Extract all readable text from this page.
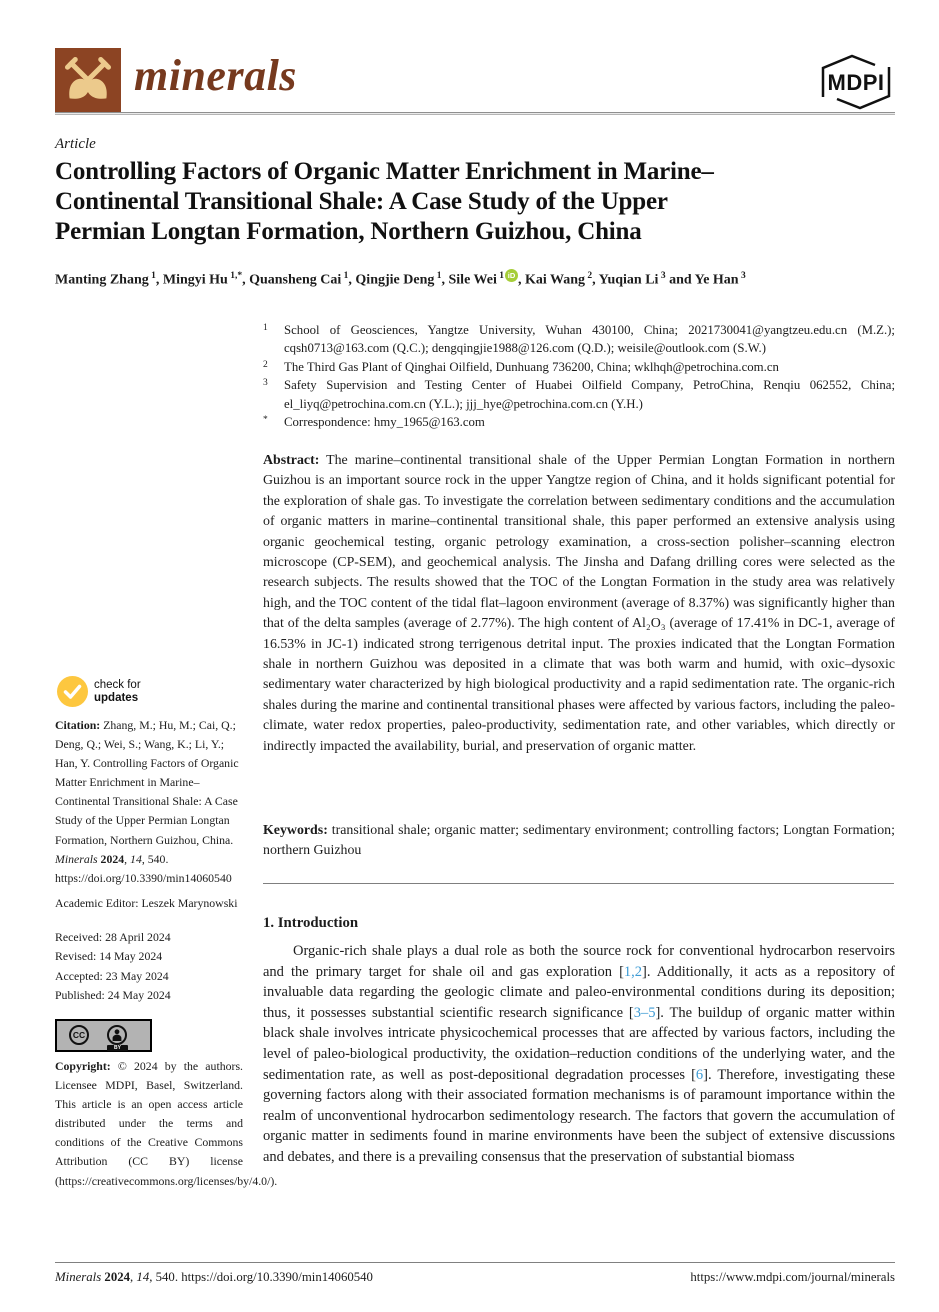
minerals	MDPI
Article
Controlling Factors of Organic Matter Enrichment in Marine–Continental Transitional Shale: A Case Study of the Upper Permian Longtan Formation, Northern Guizhou, China
Manting Zhang $^1$, Mingyi Hu $^{1,*}$, Quansheng Cai $^1$, Qingjie Deng $^1$, Sile Wei $^1$ iD , Kai Wang $^2$, Yuqian Li $^3$ and Ye Han $^3$
1	School of Geosciences, Yangtze University, Wuhan 430100, China; 2021730041@yangtzeu.edu.cn (M.Z.); cqsh0713@163.com (Q.C.); dengqingjie1988@126.com (Q.D.); weisile@outlook.com (S.W.)
2	The Third Gas Plant of Qinghai Oilfield, Dunhuang 736200, China; wklhqh@petrochina.com.cn
3	Safety Supervision and Testing Center of Huabei Oilfield Company, PetroChina, Renqiu 062552, China; el_liyq@petrochina.com.cn (Y.L.); jjj_hye@petrochina.com.cn (Y.H.)
*	Correspondence: hmy_1965@163.com

Abstract: The marine–continental transitional shale of the Upper Permian Longtan Formation in northern Guizhou is an important source rock in the upper Yangtze region of China, and it holds significant potential for the exploration of shale gas. To investigate the correlation between sedimentary conditions and the accumulation of organic matters in marine–continental transitional shale, this paper performed an extensive analysis using organic geochemical testing, organic petrology examination, a cross-section polisher–scanning electron microscope (CP-SEM), and geochemical analysis. The Jinsha and Dafang drilling cores were selected as the research subjects. The results showed that the TOC of the Longtan Formation in the study area was relatively high, and the TOC content of the tidal flat–lagoon environment (average of 8.37%) was significantly higher than that of the delta samples (average of 2.77%). The high content of Al₂O₃ (average of 17.41% in DC-1, average of 16.53% in JC-1) indicated strong terrigenous detrital input. The proxies indicated that the Longtan Formation shale in northern Guizhou was deposited in a climate that was both warm and humid, with oxic–dysoxic sedimentary water characterized by high biological productivity and a rapid sedimentation rate. The organic-rich shales during the marine and continental transitional phases were affected by various factors, including the paleo-climate, water redox properties, paleo-productivity, sedimentation rate, and other variables, which directly or indirectly impacted the availability, burial, and preservation of organic matter.

Keywords: transitional shale; organic matter; sedimentary environment; controlling factors; Longtan Formation; northern Guizhou

1. Introduction

Organic-rich shale plays a dual role as both the source rock for conventional hydrocarbon reservoirs and the primary target for shale oil and gas exploration [1,2]. Additionally, it acts as a repository of invaluable data regarding the geologic climate and paleo-environmental conditions during its deposition; thus, it possesses substantial scientific research significance [3–5]. The buildup of organic matter within black shale involves intricate physicochemical processes that are affected by various factors, including the level of paleo-biological productivity, the oxidation–reduction conditions of the underlying water, and the sedimentation rate, as well as post-depositional degradation processes [6]. Therefore, investigating these governing factors along with their associated formation mechanisms is of paramount importance within the realm of unconventional hydrocarbon sedimentology research. The factors that govern the accumulation of organic matter in sediments found in marine environments have been the subject of extensive discussions and debates, and there is a prevailing consensus that the preservation of substantial biomass

check for
updates

Citation: Zhang, M.; Hu, M.; Cai, Q.; Deng, Q.; Wei, S.; Wang, K.; Li, Y.; Han, Y. Controlling Factors of Organic Matter Enrichment in Marine–Continental Transitional Shale: A Case Study of the Upper Permian Longtan Formation, Northern Guizhou, China. Minerals 2024, 14, 540. https://doi.org/10.3390/min14060540

Academic Editor: Leszek Marynowski
Received: 28 April 2024
Revised: 14 May 2024
Accepted: 23 May 2024
Published: 24 May 2024
CC
BY

Copyright: © 2024 by the authors. Licensee MDPI, Basel, Switzerland. This article is an open access article distributed under the terms and conditions of the Creative Commons Attribution (CC BY) license (https://creativecommons.org/licenses/by/4.0/).

Minerals 2024, 14, 540. https://doi.org/10.3390/min14060540	https://www.mdpi.com/journal/minerals
